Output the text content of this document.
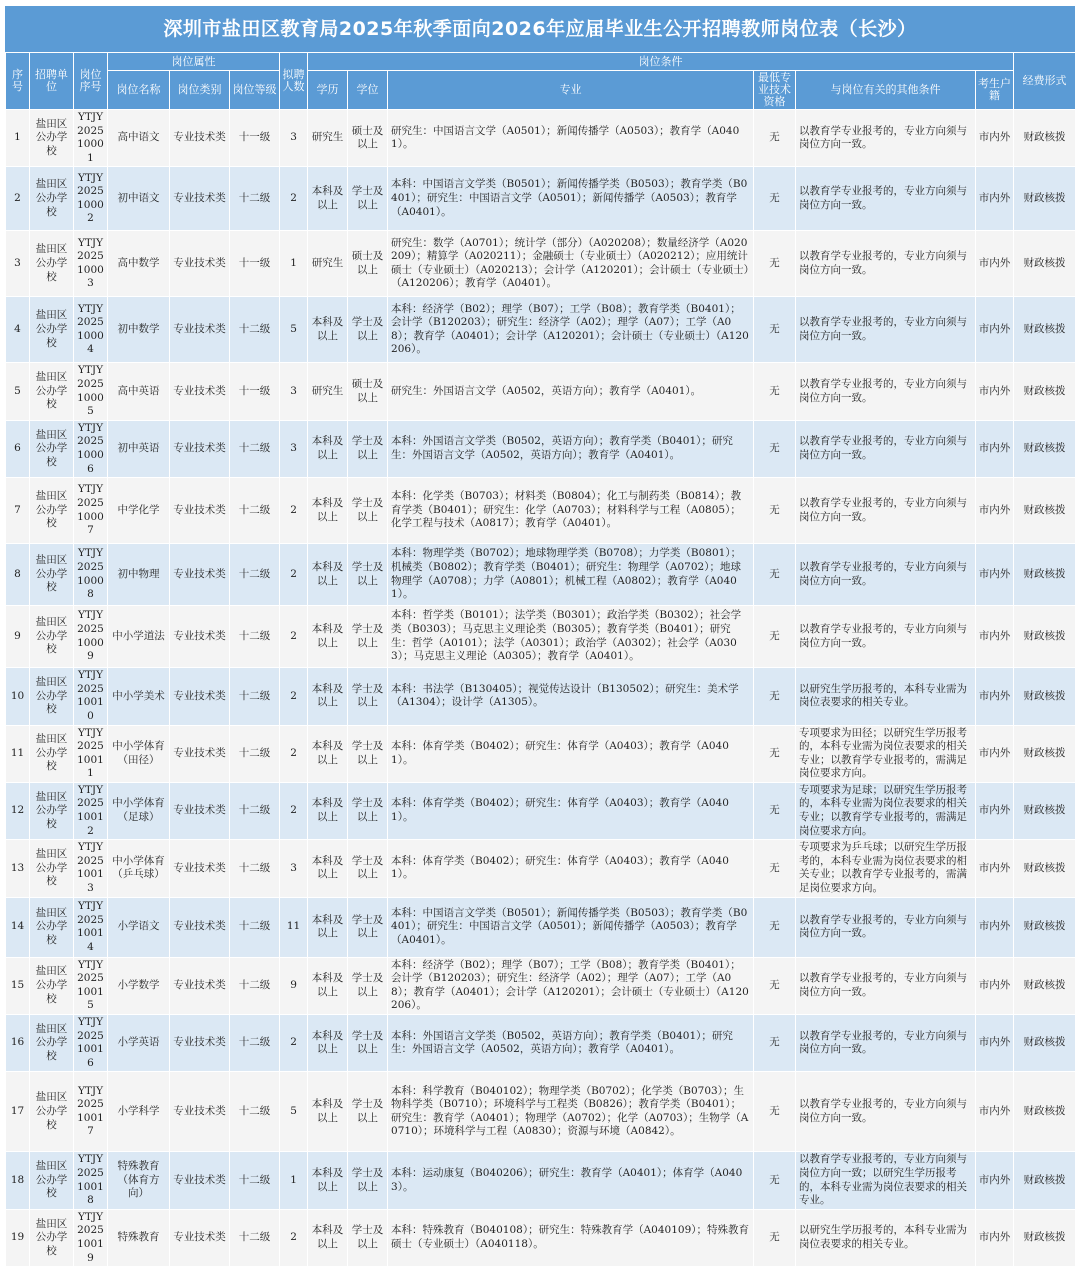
深圳市盐田区教育局2025年秋季面向2026年应届毕业生公开招聘教师岗位表（长沙）
序号	招聘单位	岗位序号	岗位属性			拟聘人数	岗位条件						经费形式
			岗位名称	岗位类别	岗位等级		学历	学位	专业	最低专业技术资格	与岗位有关的其他条件	考生户籍	
1	盐田区公办学校	YTJY202510001	高中语文	专业技术类	十一级	3	研究生	硕士及以上	研究生：中国语言文学（A0501）；新闻传播学（A0503）；教育学（A0401）。	无	以教育学专业报考的，专业方向须与岗位方向一致。	市内外	财政核拨
2	盐田区公办学校	YTJY202510002	初中语文	专业技术类	十二级	2	本科及以上	学士及以上	本科：中国语言文学类（B0501）；新闻传播学类（B0503）；教育学类（B0401）；研究生：中国语言文学（A0501）；新闻传播学（A0503）；教育学（A0401）。	无	以教育学专业报考的，专业方向须与岗位方向一致。	市内外	财政核拨
3	盐田区公办学校	YTJY202510003	高中数学	专业技术类	十一级	1	研究生	硕士及以上	研究生：数学（A0701）；统计学（部分）（A020208）；数量经济学（A020209）；精算学（A020211）；金融硕士（专业硕士）（A020212）；应用统计硕士（专业硕士）（A020213）；会计学（A120201）；会计硕士（专业硕士）（A120206）；教育学（A0401）。	无	以教育学专业报考的，专业方向须与岗位方向一致。	市内外	财政核拨
4	盐田区公办学校	YTJY202510004	初中数学	专业技术类	十二级	5	本科及以上	学士及以上	本科：经济学（B02）；理学（B07）；工学（B08）；教育学类（B0401）；会计学（B120203）；研究生：经济学（A02）；理学（A07）；工学（A08）；教育学（A0401）；会计学（A120201）；会计硕士（专业硕士）（A120206）。	无	以教育学专业报考的，专业方向须与岗位方向一致。	市内外	财政核拨
5	盐田区公办学校	YTJY202510005	高中英语	专业技术类	十一级	3	研究生	硕士及以上	研究生：外国语言文学（A0502，英语方向）；教育学（A0401）。	无	以教育学专业报考的，专业方向须与岗位方向一致。	市内外	财政核拨
6	盐田区公办学校	YTJY202510006	初中英语	专业技术类	十二级	3	本科及以上	学士及以上	本科：外国语言文学类（B0502，英语方向）；教育学类（B0401）；研究生：外国语言文学（A0502，英语方向）；教育学（A0401）。	无	以教育学专业报考的，专业方向须与岗位方向一致。	市内外	财政核拨
7	盐田区公办学校	YTJY202510007	中学化学	专业技术类	十二级	2	本科及以上	学士及以上	本科：化学类（B0703）；材料类（B0804）；化工与制药类（B0814）；教育学类（B0401）；研究生：化学（A0703）；材料科学与工程（A0805）；化学工程与技术（A0817）；教育学（A0401）。	无	以教育学专业报考的，专业方向须与岗位方向一致。	市内外	财政核拨
8	盐田区公办学校	YTJY202510008	初中物理	专业技术类	十二级	2	本科及以上	学士及以上	本科：物理学类（B0702）；地球物理学类（B0708）；力学类（B0801）；机械类（B0802）；教育学类（B0401）；研究生：物理学（A0702）；地球物理学（A0708）；力学（A0801）；机械工程（A0802）；教育学（A0401）。	无	以教育学专业报考的，专业方向须与岗位方向一致。	市内外	财政核拨
9	盐田区公办学校	YTJY202510009	中小学道法	专业技术类	十二级	2	本科及以上	学士及以上	本科：哲学类（B0101）；法学类（B0301）；政治学类（B0302）；社会学类（B0303）；马克思主义理论类（B0305）；教育学类（B0401）；研究生：哲学（A0101）；法学（A0301）；政治学（A0302）；社会学（A0303）；马克思主义理论（A0305）；教育学（A0401）。	无	以教育学专业报考的，专业方向须与岗位方向一致。	市内外	财政核拨
10	盐田区公办学校	YTJY202510010	中小学美术	专业技术类	十二级	2	本科及以上	学士及以上	本科：书法学（B130405）；视觉传达设计（B130502）；研究生：美术学（A1304）；设计学（A1305）。	无	以研究生学历报考的，本科专业需为岗位表要求的相关专业。	市内外	财政核拨
11	盐田区公办学校	YTJY202510011	中小学体育（田径）	专业技术类	十二级	2	本科及以上	学士及以上	本科：体育学类（B0402）；研究生：体育学（A0403）；教育学（A0401）。	无	专项要求为田径；以研究生学历报考的，本科专业需为岗位表要求的相关专业；以教育学专业报考的，需满足岗位要求方向。	市内外	财政核拨
12	盐田区公办学校	YTJY202510012	中小学体育（足球）	专业技术类	十二级	2	本科及以上	学士及以上	本科：体育学类（B0402）；研究生：体育学（A0403）；教育学（A0401）。	无	专项要求为足球；以研究生学历报考的，本科专业需为岗位表要求的相关专业；以教育学专业报考的，需满足岗位要求方向。	市内外	财政核拨
13	盐田区公办学校	YTJY202510013	中小学体育（乒乓球）	专业技术类	十二级	3	本科及以上	学士及以上	本科：体育学类（B0402）；研究生：体育学（A0403）；教育学（A0401）。	无	专项要求为乒乓球；以研究生学历报考的，本科专业需为岗位表要求的相关专业；以教育学专业报考的，需满足岗位要求方向。	市内外	财政核拨
14	盐田区公办学校	YTJY202510014	小学语文	专业技术类	十二级	11	本科及以上	学士及以上	本科：中国语言文学类（B0501）；新闻传播学类（B0503）；教育学类（B0401）；研究生：中国语言文学（A0501）；新闻传播学（A0503）；教育学（A0401）。	无	以教育学专业报考的，专业方向须与岗位方向一致。	市内外	财政核拨
15	盐田区公办学校	YTJY202510015	小学数学	专业技术类	十二级	9	本科及以上	学士及以上	本科：经济学（B02）；理学（B07）；工学（B08）；教育学类（B0401）；会计学（B120203）；研究生：经济学（A02）；理学（A07）；工学（A08）；教育学（A0401）；会计学（A120201）；会计硕士（专业硕士）（A120206）。	无	以教育学专业报考的，专业方向须与岗位方向一致。	市内外	财政核拨
16	盐田区公办学校	YTJY202510016	小学英语	专业技术类	十二级	2	本科及以上	学士及以上	本科：外国语言文学类（B0502，英语方向）；教育学类（B0401）；研究生：外国语言文学（A0502，英语方向）；教育学（A0401）。	无	以教育学专业报考的，专业方向须与岗位方向一致。	市内外	财政核拨
17	盐田区公办学校	YTJY202510017	小学科学	专业技术类	十二级	5	本科及以上	学士及以上	本科：科学教育（B040102）；物理学类（B0702）；化学类（B0703）；生物科学类（B0710）；环境科学与工程类（B0826）；教育学类（B0401）；研究生：教育学（A0401）；物理学（A0702）；化学（A0703）；生物学（A0710）；环境科学与工程（A0830）；资源与环境（A0842）。	无	以教育学专业报考的，专业方向须与岗位方向一致。	市内外	财政核拨
18	盐田区公办学校	YTJY202510018	特殊教育（体育方向）	专业技术类	十二级	1	本科及以上	学士及以上	本科：运动康复（B040206）；研究生：教育学（A0401）；体育学（A0403）。	无	以教育学专业报考的，专业方向须与岗位方向一致；以研究生学历报考的，本科专业需为岗位表要求的相关专业。	市内外	财政核拨
19	盐田区公办学校	YTJY202510019	特殊教育	专业技术类	十二级	2	本科及以上	学士及以上	本科：特殊教育（B040108）；研究生：特殊教育学（A040109）；特殊教育硕士（专业硕士）（A040118）。	无	以研究生学历报考的，本科专业需为岗位表要求的相关专业。	市内外	财政核拨
